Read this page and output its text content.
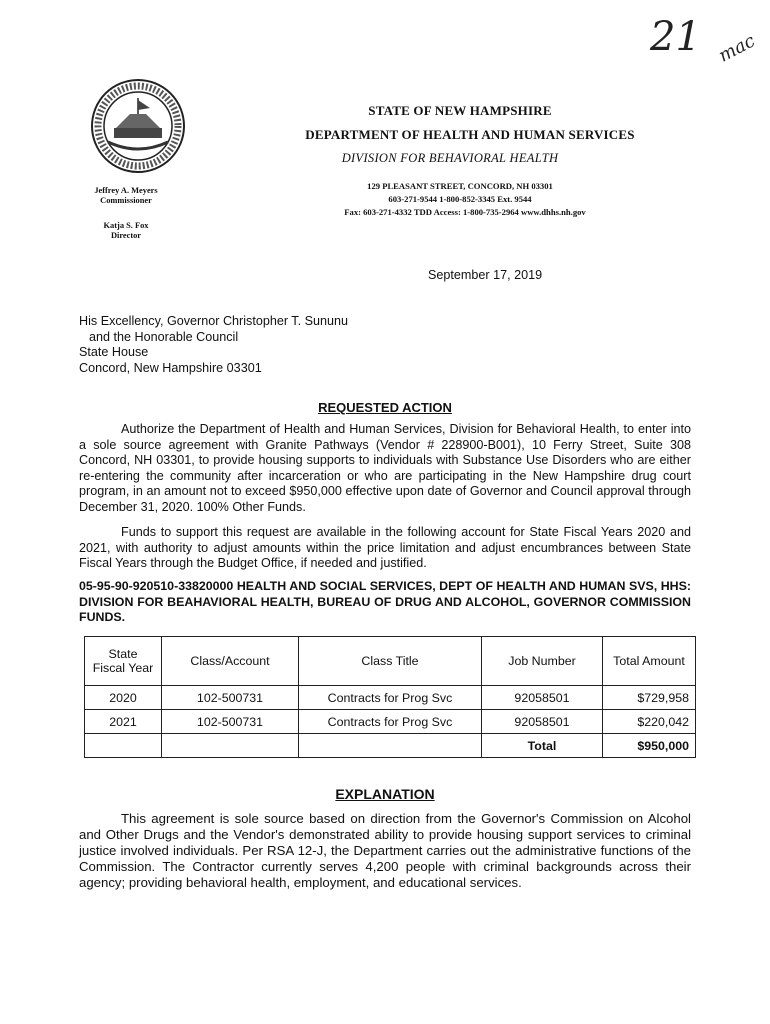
21 mac
STATE OF NEW HAMPSHIRE
DEPARTMENT OF HEALTH AND HUMAN SERVICES
DIVISION FOR BEHAVIORAL HEALTH
129 PLEASANT STREET, CONCORD, NH 03301
603-271-9544 1-800-852-3345 Ext. 9544
Fax: 603-271-4332 TDD Access: 1-800-735-2964 www.dhhs.nh.gov
Jeffrey A. Meyers
Commissioner
Katja S. Fox
Director
September 17, 2019
His Excellency, Governor Christopher T. Sununu
and the Honorable Council
State House
Concord, New Hampshire 03301
REQUESTED ACTION
Authorize the Department of Health and Human Services, Division for Behavioral Health, to enter into a sole source agreement with Granite Pathways (Vendor # 228900-B001), 10 Ferry Street, Suite 308 Concord, NH 03301, to provide housing supports to individuals with Substance Use Disorders who are either re-entering the community after incarceration or who are participating in the New Hampshire drug court program, in an amount not to exceed $950,000 effective upon date of Governor and Council approval through December 31, 2020. 100% Other Funds.
Funds to support this request are available in the following account for State Fiscal Years 2020 and 2021, with authority to adjust amounts within the price limitation and adjust encumbrances between State Fiscal Years through the Budget Office, if needed and justified.
05-95-90-920510-33820000 HEALTH AND SOCIAL SERVICES, DEPT OF HEALTH AND HUMAN SVS, HHS: DIVISION FOR BEAHAVIORAL HEALTH, BUREAU OF DRUG AND ALCOHOL, GOVERNOR COMMISSION FUNDS.
State Fiscal Year	Class/Account	Class Title	Job Number	Total Amount
2020	102-500731	Contracts for Prog Svc	92058501	$729,958
2021	102-500731	Contracts for Prog Svc	92058501	$220,042
			Total	$950,000
EXPLANATION
This agreement is sole source based on direction from the Governor's Commission on Alcohol and Other Drugs and the Vendor's demonstrated ability to provide housing support services to criminal justice involved individuals. Per RSA 12-J, the Department carries out the administrative functions of the Commission. The Contractor currently serves 4,200 people with criminal backgrounds across their agency; providing behavioral health, employment, and educational services.
